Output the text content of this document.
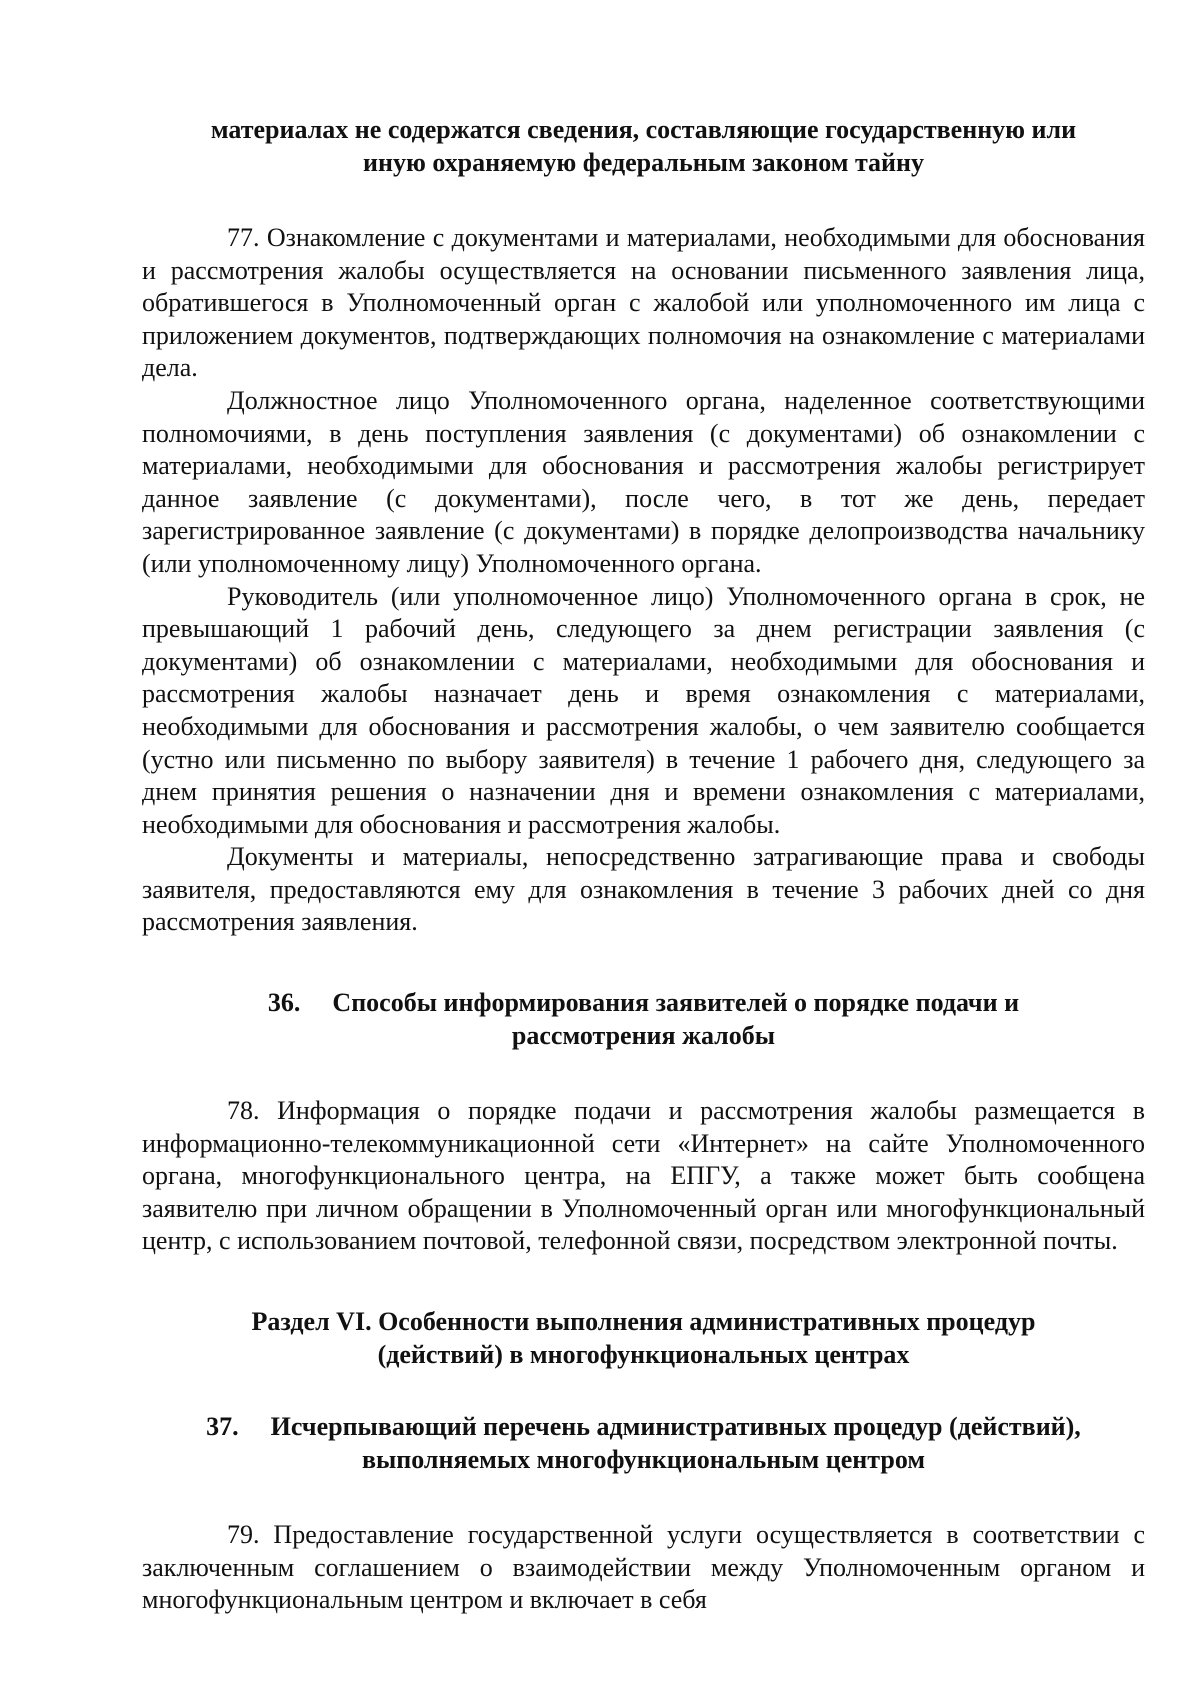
материалах не содержатся сведения, составляющие государственную или
иную охраняемую федеральным законом тайну

77. Ознакомление с документами и материалами, необходимыми для обоснования и рассмотрения жалобы осуществляется на основании письменного заявления лица, обратившегося в Уполномоченный орган с жалобой или уполномоченного им лица с приложением документов, подтверждающих полномочия на ознакомление с материалами дела.

Должностное лицо Уполномоченного органа, наделенное соответствующими полномочиями, в день поступления заявления (с документами) об ознакомлении с материалами, необходимыми для обоснования и рассмотрения жалобы регистрирует данное заявление (с документами), после чего, в тот же день, передает зарегистрированное заявление (с документами) в порядке делопроизводства начальнику (или уполномоченному лицу) Уполномоченного органа.

Руководитель (или уполномоченное лицо) Уполномоченного органа в срок, не превышающий 1 рабочий день, следующего за днем регистрации заявления (с документами) об ознакомлении с материалами, необходимыми для обоснования и рассмотрения жалобы назначает день и время ознакомления с материалами, необходимыми для обоснования и рассмотрения жалобы, о чем заявителю сообщается (устно или письменно по выбору заявителя) в течение 1 рабочего дня, следующего за днем принятия решения о назначении дня и времени ознакомления с материалами, необходимыми для обоснования и рассмотрения жалобы.

Документы и материалы, непосредственно затрагивающие права и свободы заявителя, предоставляются ему для ознакомления в течение 3 рабочих дней со дня рассмотрения заявления.

36. Способы информирования заявителей о порядке подачи и
рассмотрения жалобы

78. Информация о порядке подачи и рассмотрения жалобы размещается в информационно-телекоммуникационной сети «Интернет» на сайте Уполномоченного органа, многофункционального центра, на ЕПГУ, а также может быть сообщена заявителю при личном обращении в Уполномоченный орган или многофункциональный центр, с использованием почтовой, телефонной связи, посредством электронной почты.

Раздел VI. Особенности выполнения административных процедур
(действий) в многофункциональных центрах
37. Исчерпывающий перечень административных процедур (действий),
выполняемых многофункциональным центром

79. Предоставление государственной услуги осуществляется в соответствии с заключенным соглашением о взаимодействии между Уполномоченным органом и многофункциональным центром и включает в себя
